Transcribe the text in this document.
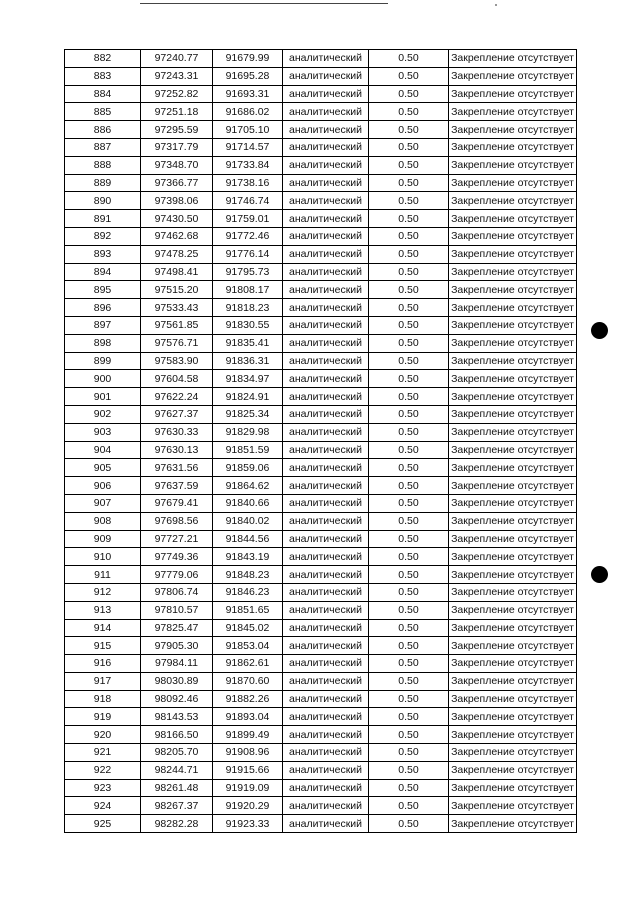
882	97240.77	91679.99	аналитический	0.50	Закрепление отсутствует
883	97243.31	91695.28	аналитический	0.50	Закрепление отсутствует
884	97252.82	91693.31	аналитический	0.50	Закрепление отсутствует
885	97251.18	91686.02	аналитический	0.50	Закрепление отсутствует
886	97295.59	91705.10	аналитический	0.50	Закрепление отсутствует
887	97317.79	91714.57	аналитический	0.50	Закрепление отсутствует
888	97348.70	91733.84	аналитический	0.50	Закрепление отсутствует
889	97366.77	91738.16	аналитический	0.50	Закрепление отсутствует
890	97398.06	91746.74	аналитический	0.50	Закрепление отсутствует
891	97430.50	91759.01	аналитический	0.50	Закрепление отсутствует
892	97462.68	91772.46	аналитический	0.50	Закрепление отсутствует
893	97478.25	91776.14	аналитический	0.50	Закрепление отсутствует
894	97498.41	91795.73	аналитический	0.50	Закрепление отсутствует
895	97515.20	91808.17	аналитический	0.50	Закрепление отсутствует
896	97533.43	91818.23	аналитический	0.50	Закрепление отсутствует
897	97561.85	91830.55	аналитический	0.50	Закрепление отсутствует
898	97576.71	91835.41	аналитический	0.50	Закрепление отсутствует
899	97583.90	91836.31	аналитический	0.50	Закрепление отсутствует
900	97604.58	91834.97	аналитический	0.50	Закрепление отсутствует
901	97622.24	91824.91	аналитический	0.50	Закрепление отсутствует
902	97627.37	91825.34	аналитический	0.50	Закрепление отсутствует
903	97630.33	91829.98	аналитический	0.50	Закрепление отсутствует
904	97630.13	91851.59	аналитический	0.50	Закрепление отсутствует
905	97631.56	91859.06	аналитический	0.50	Закрепление отсутствует
906	97637.59	91864.62	аналитический	0.50	Закрепление отсутствует
907	97679.41	91840.66	аналитический	0.50	Закрепление отсутствует
908	97698.56	91840.02	аналитический	0.50	Закрепление отсутствует
909	97727.21	91844.56	аналитический	0.50	Закрепление отсутствует
910	97749.36	91843.19	аналитический	0.50	Закрепление отсутствует
911	97779.06	91848.23	аналитический	0.50	Закрепление отсутствует
912	97806.74	91846.23	аналитический	0.50	Закрепление отсутствует
913	97810.57	91851.65	аналитический	0.50	Закрепление отсутствует
914	97825.47	91845.02	аналитический	0.50	Закрепление отсутствует
915	97905.30	91853.04	аналитический	0.50	Закрепление отсутствует
916	97984.11	91862.61	аналитический	0.50	Закрепление отсутствует
917	98030.89	91870.60	аналитический	0.50	Закрепление отсутствует
918	98092.46	91882.26	аналитический	0.50	Закрепление отсутствует
919	98143.53	91893.04	аналитический	0.50	Закрепление отсутствует
920	98166.50	91899.49	аналитический	0.50	Закрепление отсутствует
921	98205.70	91908.96	аналитический	0.50	Закрепление отсутствует
922	98244.71	91915.66	аналитический	0.50	Закрепление отсутствует
923	98261.48	91919.09	аналитический	0.50	Закрепление отсутствует
924	98267.37	91920.29	аналитический	0.50	Закрепление отсутствует
925	98282.28	91923.33	аналитический	0.50	Закрепление отсутствует
